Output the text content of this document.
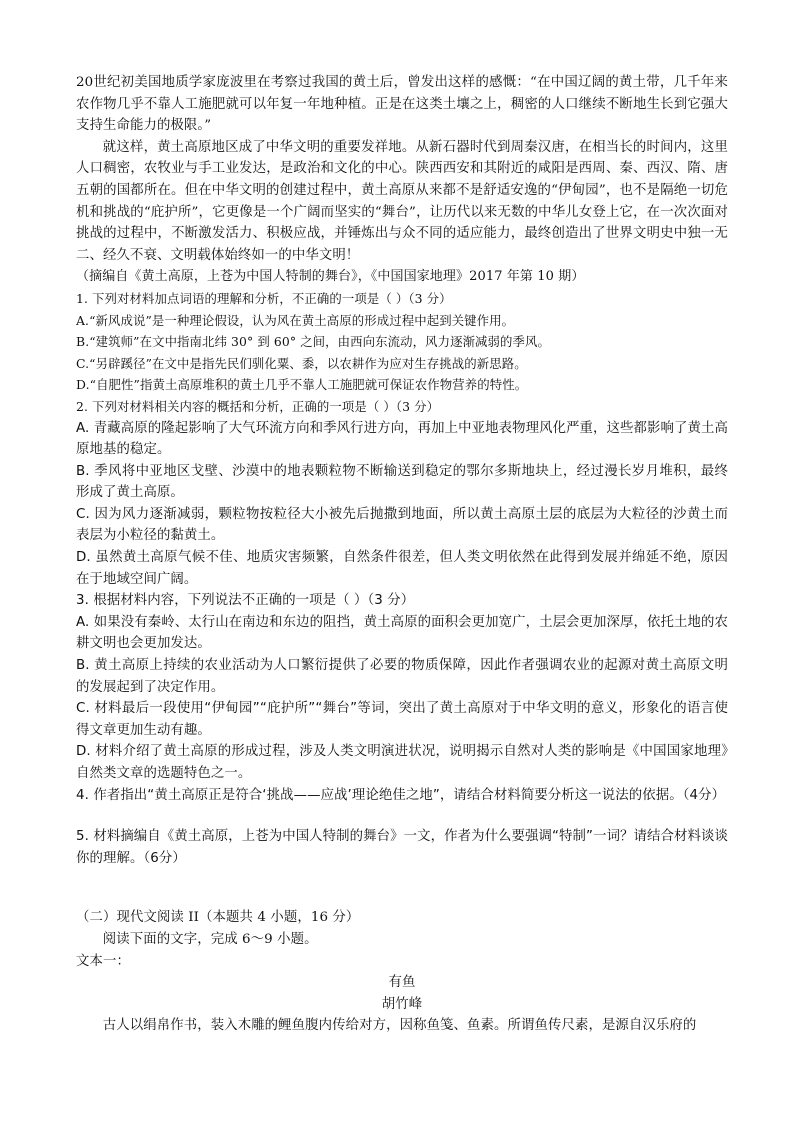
20世纪初美国地质学家庞波里在考察过我国的黄土后，曾发出这样的感慨：“在中国辽阔的黄土带，几千年来农作物几乎不靠人工施肥就可以年复一年地种植。正是在这类土壤之上，稠密的人口继续不断地生长到它强大支持生命能力的极限。”

就这样，黄土高原地区成了中华文明的重要发祥地。从新石器时代到周秦汉唐，在相当长的时间内，这里人口稠密，农牧业与手工业发达，是政治和文化的中心。陕西西安和其附近的咸阳是西周、秦、西汉、隋、唐五朝的国都所在。但在中华文明的创建过程中，黄土高原从来都不是舒适安逸的“伊甸园”，也不是隔绝一切危机和挑战的“庇护所”，它更像是一个广阔而坚实的“舞台”，让历代以来无数的中华儿女登上它，在一次次面对挑战的过程中，不断激发活力、积极应战，并锤炼出与众不同的适应能力，最终创造出了世界文明史中独一无二、经久不衰、文明载体始终如一的中华文明！

（摘编自《黄土高原，上苍为中国人特制的舞台》，《中国国家地理》2017 年第 10 期）

1. 下列对材料加点词语的理解和分析，不正确的一项是（ ）（3 分）

A.“新风成说”是一种理论假设，认为风在黄土高原的形成过程中起到关键作用。

B.“建筑师”在文中指南北纬 30° 到 60° 之间，由西向东流动，风力逐渐减弱的季风。

C.“另辟蹊径”在文中是指先民们驯化粟、黍，以农耕作为应对生存挑战的新思路。

D.“自肥性”指黄土高原堆积的黄土几乎不靠人工施肥就可保证农作物营养的特性。

2. 下列对材料相关内容的概括和分析，正确的一项是（ ）（3 分）

A. 青藏高原的隆起影响了大气环流方向和季风行进方向，再加上中亚地表物理风化严重，这些都影响了黄土高原地基的稳定。

B. 季风将中亚地区戈壁、沙漠中的地表颗粒物不断输送到稳定的鄂尔多斯地块上，经过漫长岁月堆积，最终形成了黄土高原。

C. 因为风力逐渐减弱，颗粒物按粒径大小被先后抛撒到地面，所以黄土高原土层的底层为大粒径的沙黄土而表层为小粒径的黏黄土。

D. 虽然黄土高原气候不佳、地质灾害频繁，自然条件很差，但人类文明依然在此得到发展并绵延不绝，原因在于地域空间广阔。

3. 根据材料内容，下列说法不正确的一项是（ ）（3 分）

A. 如果没有秦岭、太行山在南边和东边的阻挡，黄土高原的面积会更加宽广，土层会更加深厚，依托土地的农耕文明也会更加发达。

B. 黄土高原上持续的农业活动为人口繁衍提供了必要的物质保障，因此作者强调农业的起源对黄土高原文明的发展起到了决定作用。

C. 材料最后一段使用“伊甸园”“庇护所”“舞台”等词，突出了黄土高原对于中华文明的意义，形象化的语言使得文章更加生动有趣。

D. 材料介绍了黄土高原的形成过程，涉及人类文明演进状况，说明揭示自然对人类的影响是《中国国家地理》自然类文章的选题特色之一。

4. 作者指出“黄土高原正是符合‘挑战——应战’理论绝佳之地”，请结合材料简要分析这一说法的依据。（4分）

5. 材料摘编自《黄土高原，上苍为中国人特制的舞台》一文，作者为什么要强调“特制”一词？请结合材料谈谈你的理解。（6分）

（二）现代文阅读 II（本题共 4 小题，16 分）

阅读下面的文字，完成 6～9 小题。

文本一：

有鱼

胡竹峰

古人以绢帛作书，装入木雕的鲤鱼腹内传给对方，因称鱼笺、鱼素。所谓鱼传尺素，是源自汉乐府的
